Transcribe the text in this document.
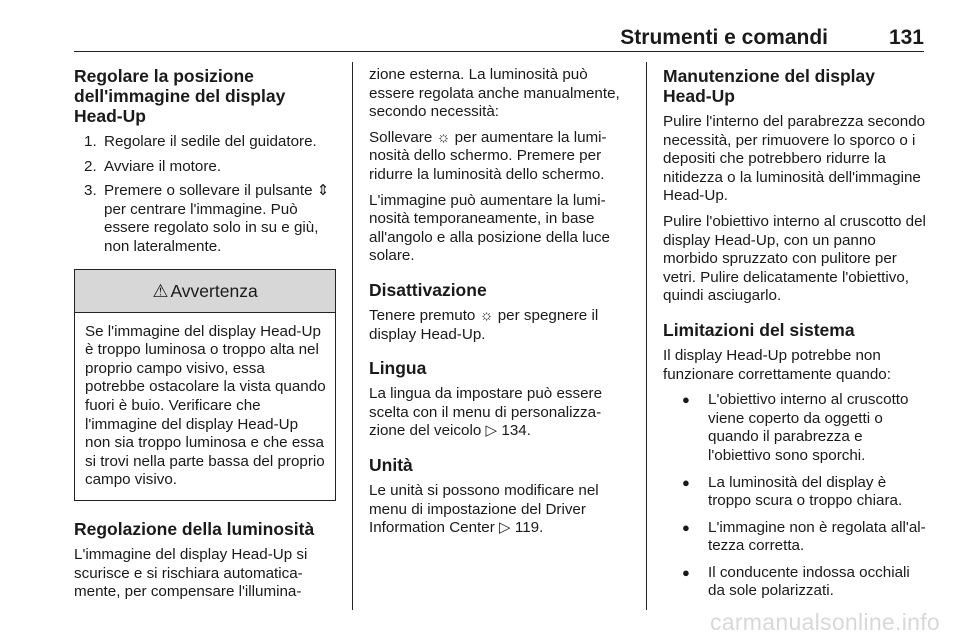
Strumenti e comandi	131
Regolare la posizione dell'immagine del display Head-Up
1. Regolare il sedile del guidatore.
2. Avviare il motore.
3. Premere o sollevare il pulsante ⇕ per centrare l'immagine. Può essere regolato solo in su e giù, non lateralmente.
⚠ Avvertenza
Se l'immagine del display Head-Up è troppo luminosa o troppo alta nel proprio campo visivo, essa potrebbe ostacolare la vista quando fuori è buio. Verificare che l'immagine del display Head-Up non sia troppo luminosa e che essa si trovi nella parte bassa del proprio campo visivo.
Regolazione della luminosità

L'immagine del display Head-Up si scurisce e si rischiara automatica-mente, per compensare l'illumina-

zione esterna. La luminosità può essere regolata anche manualmente, secondo necessità:

Sollevare ☼ per aumentare la lumi-nosità dello schermo. Premere per ridurre la luminosità dello schermo.

L'immagine può aumentare la lumi-nosità temporaneamente, in base all'angolo e alla posizione della luce solare.

Disattivazione

Tenere premuto ☼ per spegnere il display Head-Up.

Lingua

La lingua da impostare può essere scelta con il menu di personalizza-zione del veicolo ▷ 134.

Unità

Le unità si possono modificare nel menu di impostazione del Driver Information Center ▷ 119.

Manutenzione del display Head-Up

Pulire l'interno del parabrezza secondo necessità, per rimuovere lo sporco o i depositi che potrebbero ridurre la nitidezza o la luminosità dell'immagine Head-Up.

Pulire l'obiettivo interno al cruscotto del display Head-Up, con un panno morbido spruzzato con pulitore per vetri. Pulire delicatamente l'obiettivo, quindi asciugarlo.

Limitazioni del sistema

Il display Head-Up potrebbe non funzionare correttamente quando:

● L'obiettivo interno al cruscotto viene coperto da oggetti o quando il parabrezza e l'obiettivo sono sporchi.
● La luminosità del display è troppo scura o troppo chiara.
● L'immagine non è regolata all'al-tezza corretta.
● Il conducente indossa occhiali da sole polarizzati.
carmanualsonline.info
